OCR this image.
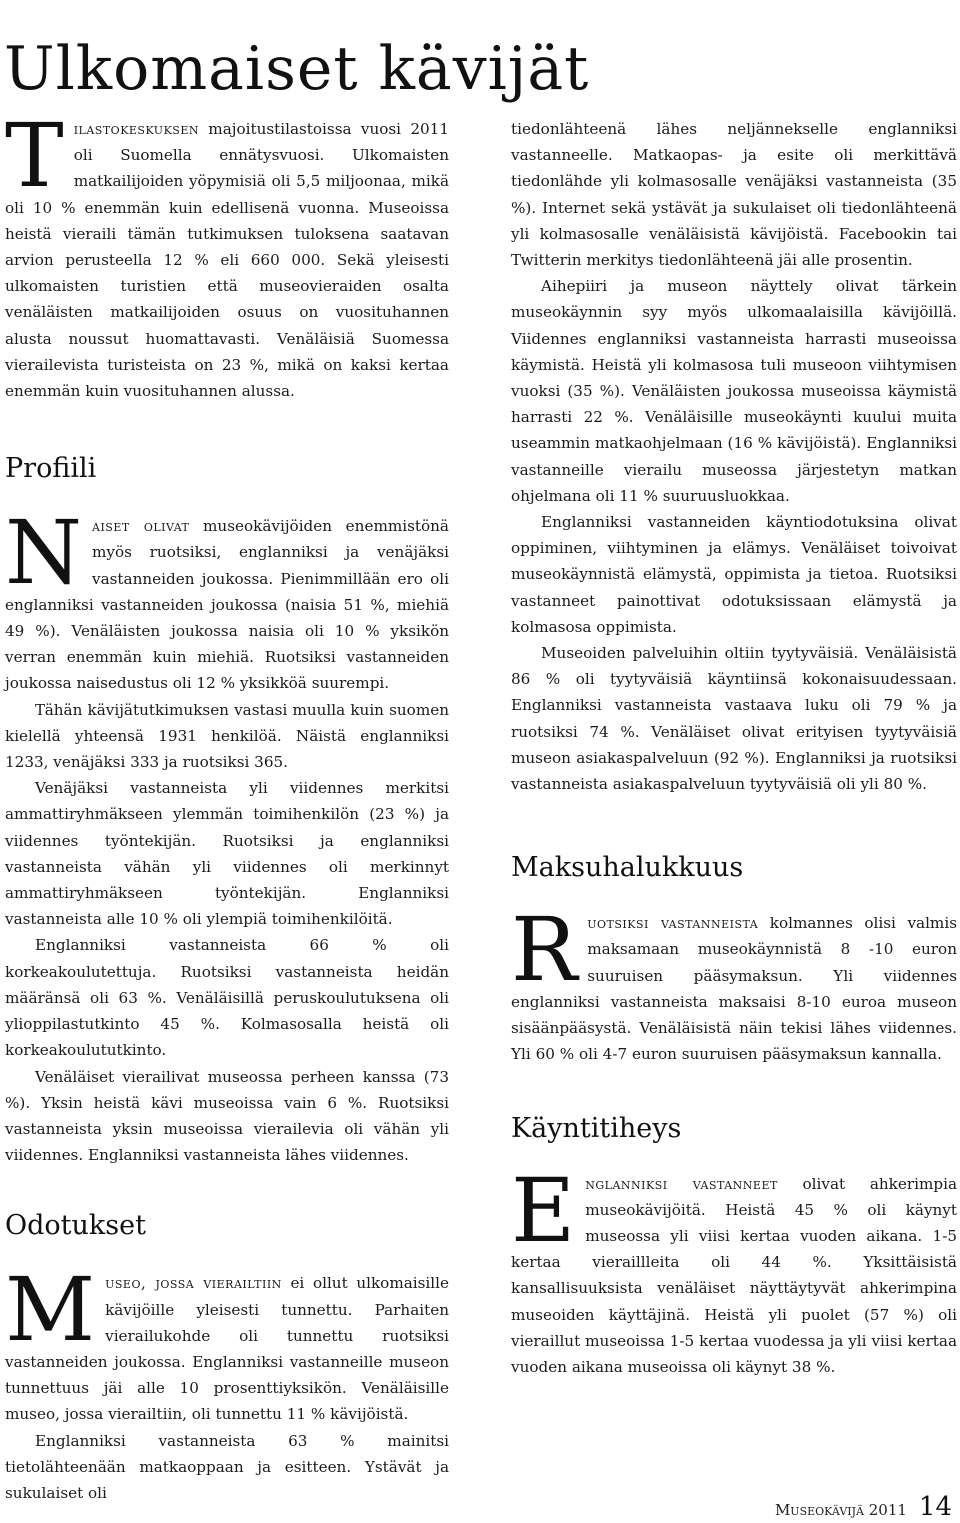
Ulkomaiset kävijät

Tilastokeskuksen majoitustilastoissa vuosi 2011 oli Suomella ennätysvuosi. Ulkomaisten matkailijoiden yöpymisiä oli 5,5 miljoonaa, mikä oli 10 % enemmän kuin edellisenä vuonna. Museoissa heistä vieraili tämän tutkimuksen tuloksena saatavan arvion perusteella 12 % eli 660 000. Sekä yleisesti ulkomaisten turistien että museovieraiden osalta venäläisten matkailijoiden osuus on vuosituhannen alusta noussut huomattavasti. Venäläisiä Suomessa vierailevista turisteista on 23 %, mikä on kaksi kertaa enemmän kuin vuosituhannen alussa.

Profiili

Naiset olivat museokävijöiden enemmistönä myös ruotsiksi, englanniksi ja venäjäksi vastanneiden joukossa. Pienimmillään ero oli englanniksi vastanneiden joukossa (naisia 51 %, miehiä 49 %). Venäläisten joukossa naisia oli 10 % yksikön verran enemmän kuin miehiä. Ruotsiksi vastanneiden joukossa naisedustus oli 12 % yksikköä suurempi.

Tähän kävijätutkimuksen vastasi muulla kuin suomen kielellä yhteensä 1931 henkilöä. Näistä englanniksi 1233, venäjäksi 333 ja ruotsiksi 365.

Venäjäksi vastanneista yli viidennes merkitsi ammattiryhmäkseen ylemmän toimihenkilön (23 %) ja viidennes työntekijän. Ruotsiksi ja englanniksi vastanneista vähän yli viidennes oli merkinnyt ammattiryhmäkseen työntekijän. Englanniksi vastanneista alle 10 % oli ylempiä toimihenkilöitä.

Englanniksi vastanneista 66 % oli korkeakoulutettuja. Ruotsiksi vastanneista heidän määränsä oli 63 %. Venäläisillä peruskoulutuksena oli ylioppilastutkinto 45 %. Kolmasosalla heistä oli korkeakoulututkinto.

Venäläiset vierailivat museossa perheen kanssa (73 %). Yksin heistä kävi museoissa vain 6 %. Ruotsiksi vastanneista yksin museoissa vierailevia oli vähän yli viidennes. Englanniksi vastanneista lähes viidennes.

Odotukset

Museo, jossa vierailtiin ei ollut ulkomaisille kävijöille yleisesti tunnettu. Parhaiten vierailukohde oli tunnettu ruotsiksi vastanneiden joukossa. Englanniksi vastanneille museon tunnettuus jäi alle 10 prosenttiyksikön. Venäläisille museo, jossa vierailtiin, oli tunnettu 11 % kävijöistä.

Englanniksi vastanneista 63 % mainitsi tietolähteenään matkaoppaan ja esitteen. Ystävät ja sukulaiset oli

tiedonlähteenä lähes neljännekselle englanniksi vastanneelle. Matkaopas- ja esite oli merkittävä tiedonlähde yli kolmasosalle venäjäksi vastanneista (35 %). Internet sekä ystävät ja sukulaiset oli tiedonlähteenä yli kolmasosalle venäläisistä kävijöistä. Facebookin tai Twitterin merkitys tiedonlähteenä jäi alle prosentin.

Aihepiiri ja museon näyttely olivat tärkein museokäynnin syy myös ulkomaalaisilla kävijöillä. Viidennes englanniksi vastanneista harrasti museoissa käymistä. Heistä yli kolmasosa tuli museoon viihtymisen vuoksi (35 %). Venäläisten joukossa museoissa käymistä harrasti 22 %. Venäläisille museokäynti kuului muita useammin matkaohjelmaan (16 % kävijöistä). Englanniksi vastanneille vierailu museossa järjestetyn matkan ohjelmana oli 11 % suuruusluokkaa.

Englanniksi vastanneiden käyntiodotuksina olivat oppiminen, viihtyminen ja elämys. Venäläiset toivoivat museokäynnistä elämystä, oppimista ja tietoa. Ruotsiksi vastanneet painottivat odotuksissaan elämystä ja kolmasosa oppimista.

Museoiden palveluihin oltiin tyytyväisiä. Venäläisistä 86 % oli tyytyväisiä käyntiinsä kokonaisuudessaan. Englanniksi vastanneista vastaava luku oli 79 % ja ruotsiksi 74 %. Venäläiset olivat erityisen tyytyväisiä museon asiakaspalveluun (92 %). Englanniksi ja ruotsiksi vastanneista asiakaspalveluun tyytyväisiä oli yli 80 %.

Maksuhalukkuus

Ruotsiksi vastanneista kolmannes olisi valmis maksamaan museokäynnistä 8 -10 euron suuruisen pääsymaksun. Yli viidennes englanniksi vastanneista maksaisi 8-10 euroa museon sisäänpääsystä. Venäläisistä näin tekisi lähes viidennes. Yli 60 % oli 4-7 euron suuruisen pääsymaksun kannalla.

Käyntitiheys

Englanniksi vastanneet olivat ahkerimpia museokävijöitä. Heistä 45 % oli käynyt museossa yli viisi kertaa vuoden aikana. 1-5 kertaa vieraillleita oli 44 %. Yksittäisistä kansallisuuksista venäläiset näyttäytyvät ahkerimpina museoiden käyttäjinä. Heistä yli puolet (57 %) oli vieraillut museoissa 1-5 kertaa vuodessa ja yli viisi kertaa vuoden aikana museoissa oli käynyt 38 %.

Museokävijä 2011 14
